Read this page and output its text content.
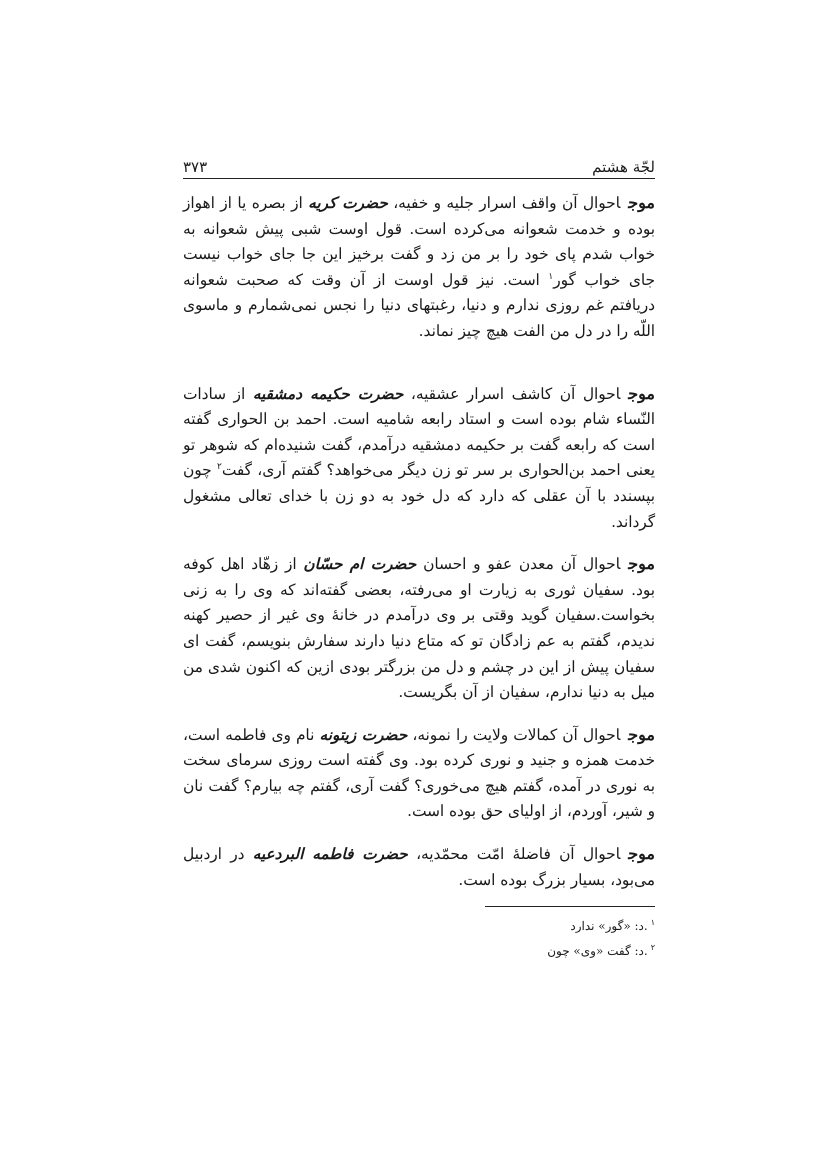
لجّة هشتم
۳۷۳

موجاحوال آن واقف اسرار جلیه و خفیه، حضرت کریه از بصره یا از اهواز بوده و خدمت شعوانه می‌کرده است. قول اوست شبی پیش شعوانه به خواب شدم پای خود را بر من زد و گفت برخیز این جا جای خواب نیست جای خواب گور$^۱$ است. نیز قول اوست از آن وقت که صحبت شعوانه دریافتم غم روزی ندارم و دنیا، رغبتهای دنیا را نجس نمی‌شمارم و ماسوی اللّه را در دل من الفت هیچ چیز نماند.

موجاحوال آن کاشف اسرار عشقیه، حضرت حکیمه دمشقیه از سادات النّساء شام بوده است و استاد رابعه شامیه است. احمد بن الحواری گفته است که رابعه گفت بر حکیمه دمشقیه درآمدم، گفت شنیده‌ام که شوهر تو یعنی احمد بن‌الحواری بر سر تو زن دیگر می‌خواهد؟ گفتم آری، گفت$^۲$ چون بپسندد با آن عقلی که دارد که دل خود به دو زن با خدای تعالی مشغول گرداند.

موجاحوال آن معدن عفو و احسان حضرت ام حسّان از زهّاد اهل کوفه بود. سفیان ثوری به زیارت او می‌رفته، بعضی گفته‌اند که وی را به زنی بخواست.سفیان گوید وقتی بر وی درآمدم در خانهٔ وی غیر از حصیر کهنه ندیدم، گفتم به عم زادگان تو که متاع دنیا دارند سفارش بنویسم، گفت ای سفیان پیش از این در چشم و دل من بزرگتر بودی ازین که اکنون شدی من میل به دنیا ندارم، سفیان از آن بگریست.

موجاحوال آن کمالات ولایت را نمونه، حضرت زیتونه نام وی فاطمه است، خدمت همزه و جنید و نوری کرده بود. وی گفته است روزی سرمای سخت به نوری در آمده، گفتم هیچ می‌خوری؟ گفت آری، گفتم چه بیارم؟ گفت نان و شیر، آوردم، از اولیای حق بوده است.

موجاحوال آن فاضلهٔ امّت محمّدیه، حضرت فاطمه البردعیه در اردبیل می‌بود، بسیار بزرگ بوده است.

$^۱$.د: «گور» ندارد

$^۲$.د: گفت «وی» چون
